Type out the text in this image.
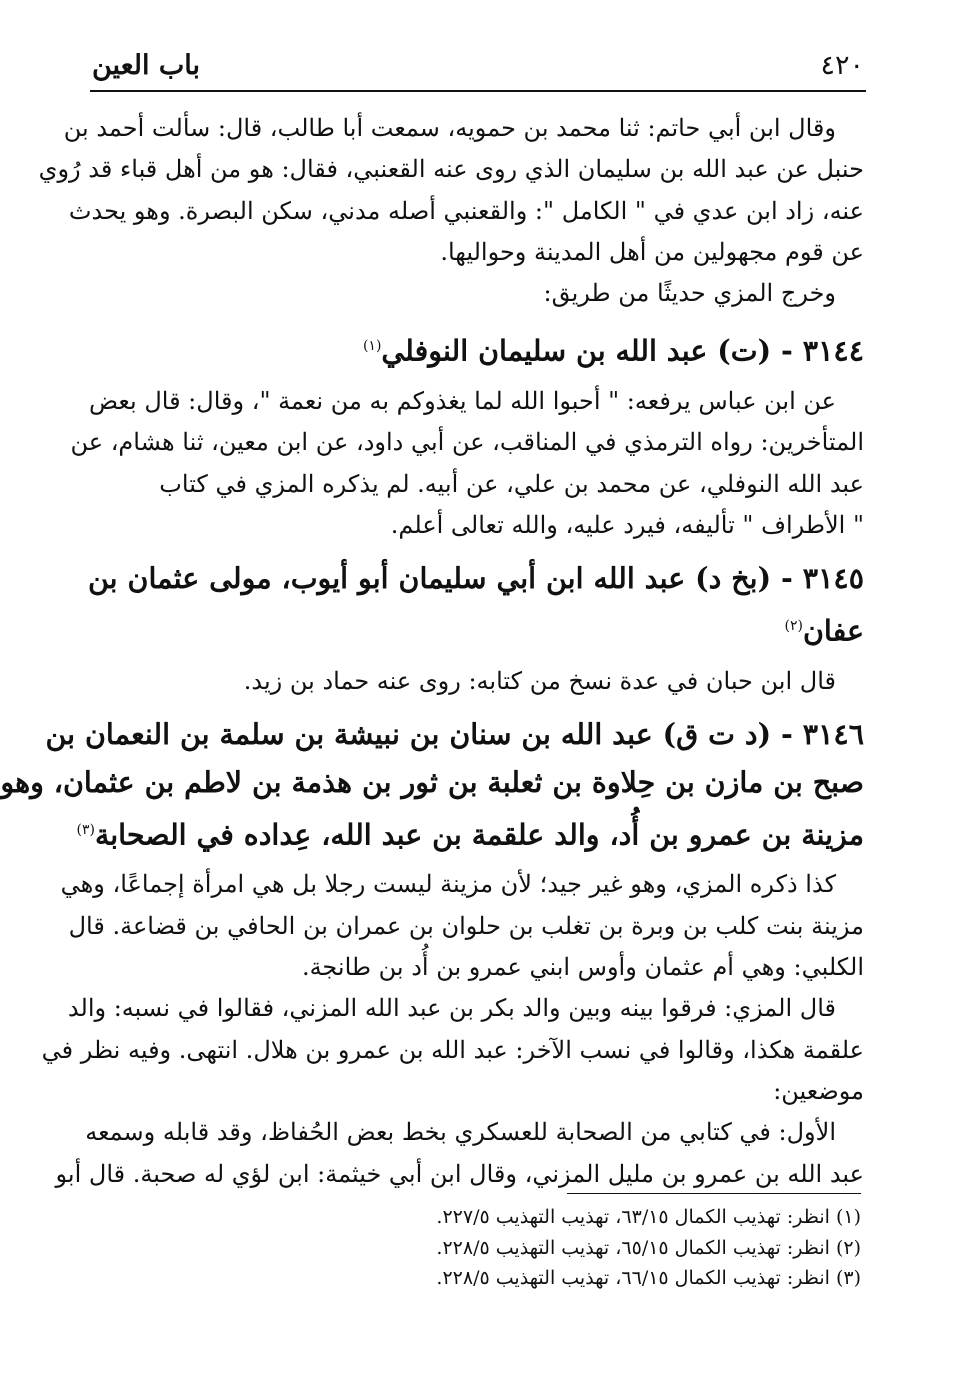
٤٢٠
باب العين

وقال ابن أبي حاتم: ثنا محمد بن حمويه، سمعت أبا طالب، قال: سألت أحمد بن

حنبل عن عبد الله بن سليمان الذي روى عنه القعنبي، فقال: هو من أهل قباء قد رُوي

عنه، زاد ابن عدي في " الكامل ": والقعنبي أصله مدني، سكن البصرة. وهو يحدث

عن قوم مجهولين من أهل المدينة وحواليها.

وخرج المزي حديثًا من طريق:

٣١٤٤ - (ت) عبد الله بن سليمان النوفلي$^{(١)}$

عن ابن عباس يرفعه: " أحبوا الله لما يغذوكم به من نعمة "، وقال: قال بعض

المتأخرين: رواه الترمذي في المناقب، عن أبي داود، عن ابن معين، ثنا هشام، عن

عبد الله النوفلي، عن محمد بن علي، عن أبيه. لم يذكره المزي في كتاب

" الأطراف " تأليفه، فيرد عليه، والله تعالى أعلم.

٣١٤٥ - (بخ د) عبد الله ابن أبي سليمان أبو أيوب، مولى عثمان بن
عفان$^{(٢)}$

قال ابن حبان في عدة نسخ من كتابه: روى عنه حماد بن زيد.

٣١٤٦ - (د ت ق) عبد الله بن سنان بن نبيشة بن سلمة بن النعمان بن
صبح بن مازن بن حِلاوة بن ثعلبة بن ثور بن هذمة بن لاطم بن عثمان، وهو
مزينة بن عمرو بن أُد، والد علقمة بن عبد الله، عِداده في الصحابة$^{(٣)}$

كذا ذكره المزي، وهو غير جيد؛ لأن مزينة ليست رجلا بل هي امرأة إجماعًا، وهي

مزينة بنت كلب بن وبرة بن تغلب بن حلوان بن عمران بن الحافي بن قضاعة. قال

الكلبي: وهي أم عثمان وأوس ابني عمرو بن أُد بن طانجة.

قال المزي: فرقوا بينه وبين والد بكر بن عبد الله المزني، فقالوا في نسبه: والد

علقمة هكذا، وقالوا في نسب الآخر: عبد الله بن عمرو بن هلال. انتهى. وفيه نظر في

موضعين:

الأول: في كتابي من الصحابة للعسكري بخط بعض الحُفاظ، وقد قابله وسمعه

عبد الله بن عمرو بن مليل المزني، وقال ابن أبي خيثمة: ابن لؤي له صحبة. قال أبو

(١) انظر: تهذيب الكمال ٦٣/١٥، تهذيب التهذيب ٢٢٧/٥.

(٢) انظر: تهذيب الكمال ٦٥/١٥، تهذيب التهذيب ٢٢٨/٥.

(٣) انظر: تهذيب الكمال ٦٦/١٥، تهذيب التهذيب ٢٢٨/٥.
